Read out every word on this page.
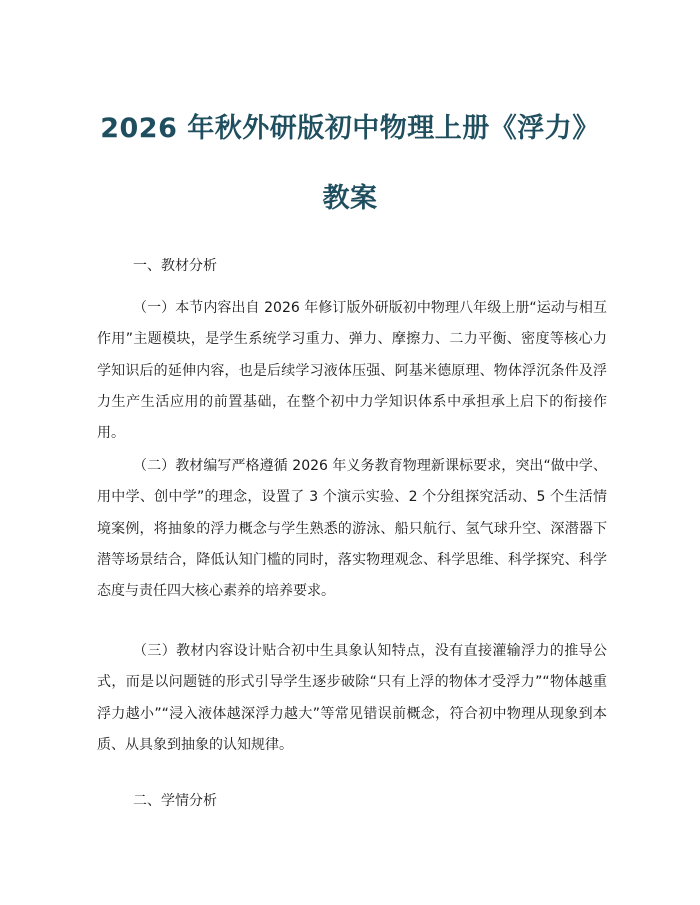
2026 年秋外研版初中物理上册《浮力》
教案
一、教材分析
（一）本节内容出自 2026 年修订版外研版初中物理八年级上册“运动与相互作用”主题模块，是学生系统学习重力、弹力、摩擦力、二力平衡、密度等核心力学知识后的延伸内容，也是后续学习液体压强、阿基米德原理、物体浮沉条件及浮力生产生活应用的前置基础，在整个初中力学知识体系中承担承上启下的衔接作用。
（二）教材编写严格遵循 2026 年义务教育物理新课标要求，突出“做中学、用中学、创中学”的理念，设置了 3 个演示实验、2 个分组探究活动、5 个生活情境案例，将抽象的浮力概念与学生熟悉的游泳、船只航行、氢气球升空、深潜器下潜等场景结合，降低认知门槛的同时，落实物理观念、科学思维、科学探究、科学态度与责任四大核心素养的培养要求。
（三）教材内容设计贴合初中生具象认知特点，没有直接灌输浮力的推导公式，而是以问题链的形式引导学生逐步破除“只有上浮的物体才受浮力”“物体越重浮力越小”“浸入液体越深浮力越大”等常见错误前概念，符合初中物理从现象到本质、从具象到抽象的认知规律。
二、学情分析
